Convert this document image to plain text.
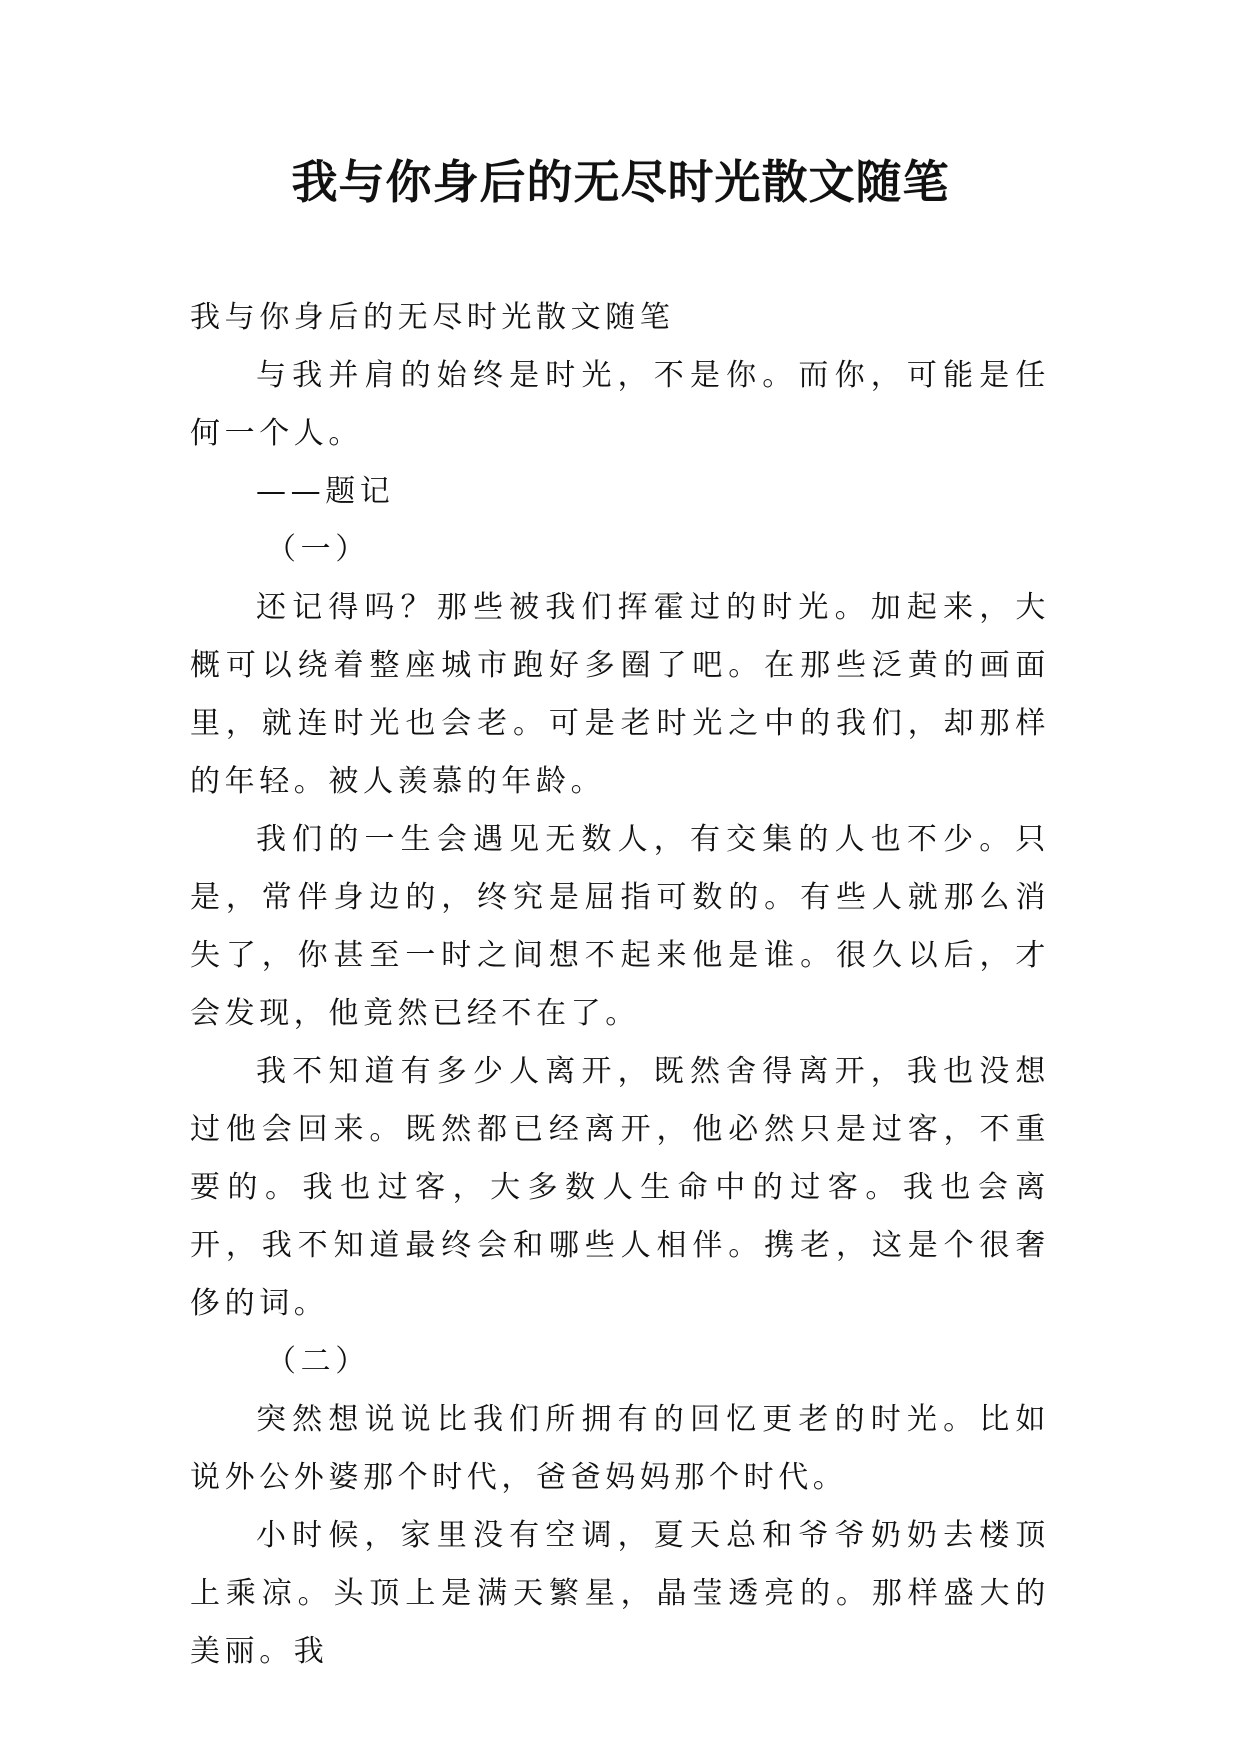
我与你身后的无尽时光散文随笔

我与你身后的无尽时光散文随笔

与我并肩的始终是时光，不是你。而你，可能是任何一个人。

——题记

（一）

还记得吗？那些被我们挥霍过的时光。加起来，大概可以绕着整座城市跑好多圈了吧。在那些泛黄的画面里，就连时光也会老。可是老时光之中的我们，却那样的年轻。被人羡慕的年龄。

我们的一生会遇见无数人，有交集的人也不少。只是，常伴身边的，终究是屈指可数的。有些人就那么消失了，你甚至一时之间想不起来他是谁。很久以后，才会发现，他竟然已经不在了。

我不知道有多少人离开，既然舍得离开，我也没想过他会回来。既然都已经离开，他必然只是过客，不重要的。我也过客，大多数人生命中的过客。我也会离开，我不知道最终会和哪些人相伴。携老，这是个很奢侈的词。

（二）

突然想说说比我们所拥有的回忆更老的时光。比如说外公外婆那个时代，爸爸妈妈那个时代。

小时候，家里没有空调，夏天总和爷爷奶奶去楼顶上乘凉。头顶上是满天繁星，晶莹透亮的。那样盛大的美丽。我
